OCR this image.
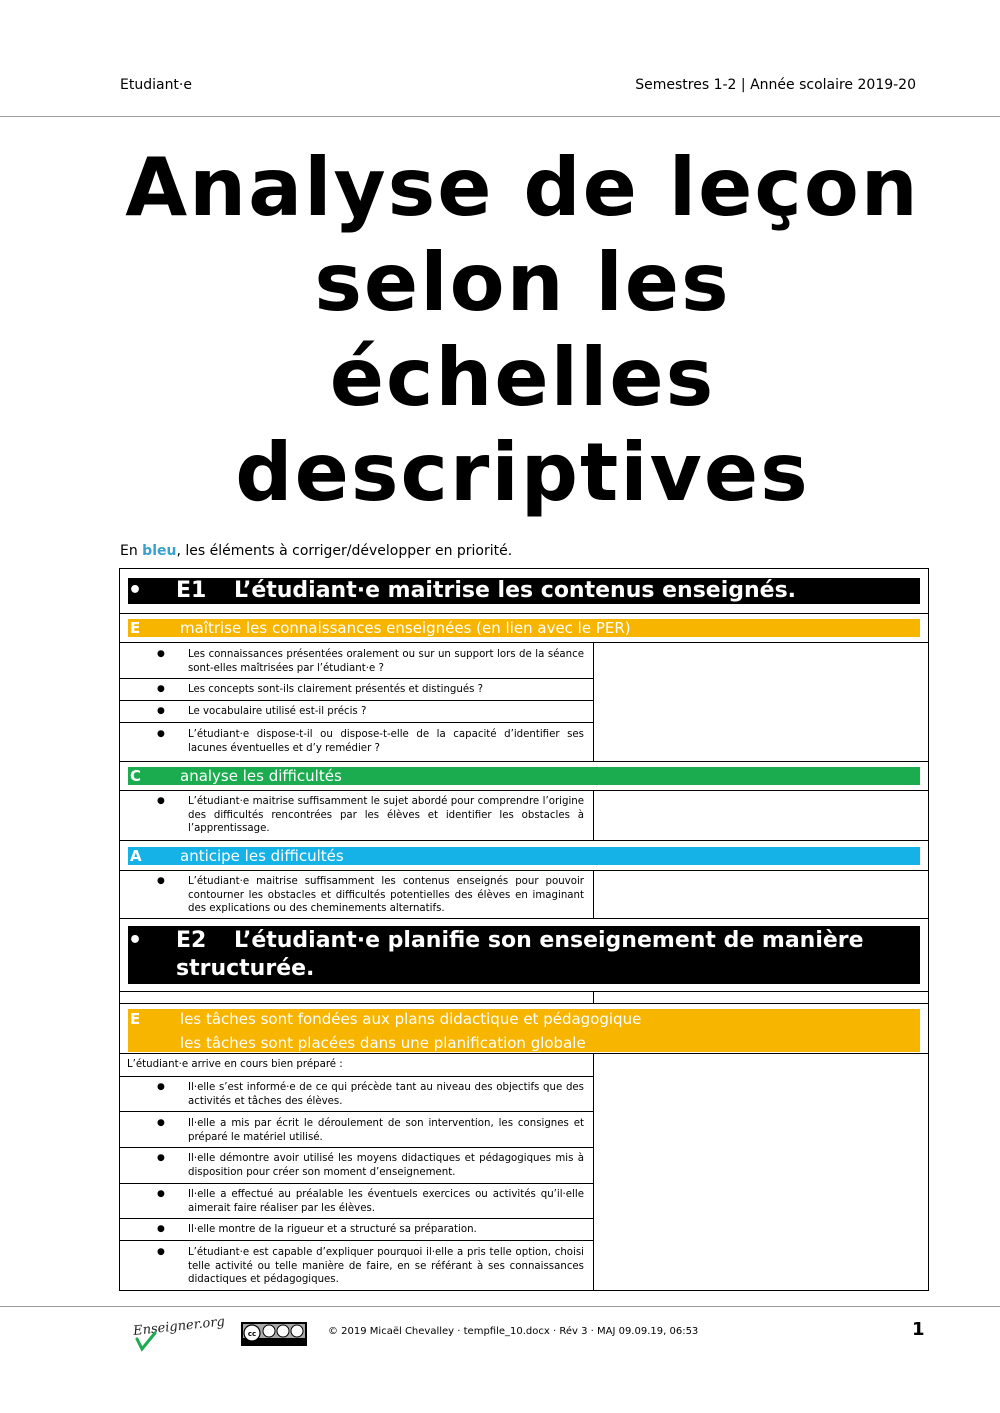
Etudiant·e	Semestres 1-2 | Année scolaire 2019-20
Analyse de leçon
selon les
échelles
descriptives
En bleu, les éléments à corriger/développer en priorité.
• E1 L’étudiant·e maitrise les contenus enseignés.
E	maîtrise les connaissances enseignées (en lien avec le PER)
● Les connaissances présentées oralement ou sur un support lors de la séance sont-elles maîtrisées par l’étudiant·e ?
● Les concepts sont-ils clairement présentés et distingués ?
● Le vocabulaire utilisé est-il précis ?
● L’étudiant·e dispose-t-il ou dispose-t-elle de la capacité d’identifier ses lacunes éventuelles et d’y remédier ?
C	analyse les difficultés
● L’étudiant·e maitrise suffisamment le sujet abordé pour comprendre l’origine des difficultés rencontrées par les élèves et identifier les obstacles à l’apprentissage.
A	anticipe les difficultés
● L’étudiant·e maitrise suffisamment les contenus enseignés pour pouvoir contourner les obstacles et difficultés potentielles des élèves en imaginant des explications ou des cheminements alternatifs.
• E2 L’étudiant·e planifie son enseignement de manière
structurée.
E	les tâches sont fondées aux plans didactique et pédagogique
les tâches sont placées dans une planification globale
L’étudiant·e arrive en cours bien préparé :
● Il·elle s’est informé·e de ce qui précède tant au niveau des objectifs que des activités et tâches des élèves.
● Il·elle a mis par écrit le déroulement de son intervention, les consignes et préparé le matériel utilisé.
● Il·elle démontre avoir utilisé les moyens didactiques et pédagogiques mis à disposition pour créer son moment d’enseignement.
● Il·elle a effectué au préalable les éventuels exercices ou activités qu’il·elle aimerait faire réaliser par les élèves.
● Il·elle montre de la rigueur et a structuré sa préparation.
● L’étudiant·e est capable d’expliquer pourquoi il·elle a pris telle option, choisi telle activité ou telle manière de faire, en se référant à ses connaissances didactiques et pédagogiques.
Enseigner.org	cc	© 2019 Micaël Chevalley · tempfile_10.docx · Rév 3 · MAJ 09.09.19, 06:53	1
